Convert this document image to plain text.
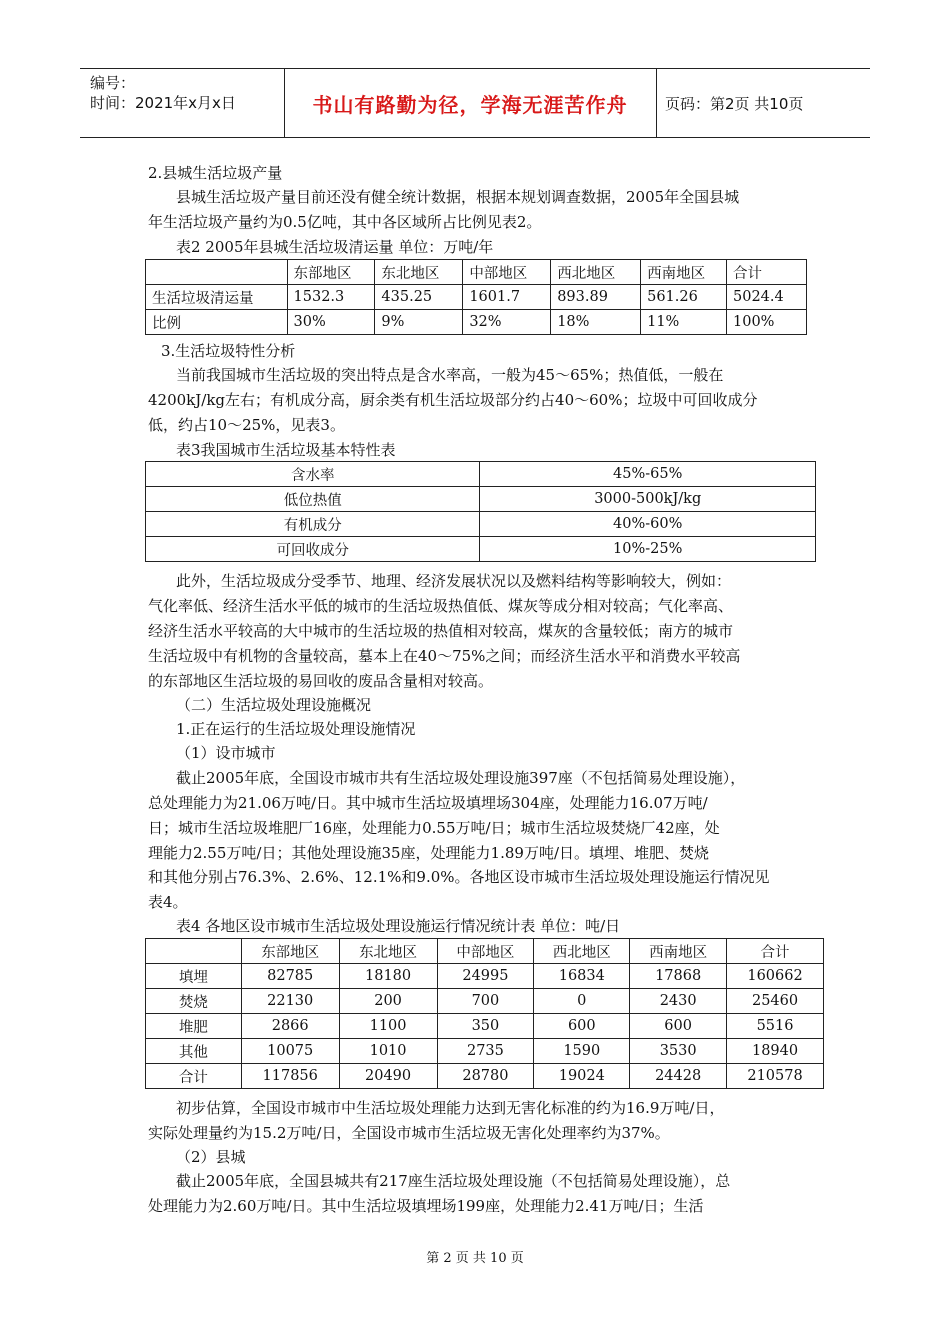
编号：
时间：2021年x月x日	书山有路勤为径，学海无涯苦作舟	页码：第2页 共10页
2.县城生活垃圾产量
县城生活垃圾产量目前还没有健全统计数据，根据本规划调查数据，2005年全国县城
年生活垃圾产量约为0.5亿吨，其中各区域所占比例见表2。
表2 2005年县城生活垃圾清运量 单位：万吨/年
	东部地区	东北地区	中部地区	西北地区	西南地区	合计
生活垃圾清运量	1532.3	435.25	1601.7	893.89	561.26	5024.4
比例	30%	9%	32%	18%	11%	100%
3.生活垃圾特性分析
当前我国城市生活垃圾的突出特点是含水率高，一般为45～65%；热值低，一般在
4200kJ/kg左右；有机成分高，厨余类有机生活垃圾部分约占40～60%；垃圾中可回收成分
低，约占10～25%，见表3。
表3我国城市生活垃圾基本特性表
含水率	45%-65%
低位热值	3000-500kJ/kg
有机成分	40%-60%
可回收成分	10%-25%
此外，生活垃圾成分受季节、地理、经济发展状况以及燃料结构等影响较大，例如：
气化率低、经济生活水平低的城市的生活垃圾热值低、煤灰等成分相对较高；气化率高、
经济生活水平较高的大中城市的生活垃圾的热值相对较高，煤灰的含量较低；南方的城市
生活垃圾中有机物的含量较高，墓本上在40～75%之间；而经济生活水平和消费水平较高
的东部地区生活垃圾的易回收的废品含量相对较高。
（二）生活垃圾处理设施概况
1.正在运行的生活垃圾处理设施情况
（1）设市城市
截止2005年底，全国设市城市共有生活垃圾处理设施397座（不包括简易处理设施），
总处理能力为21.06万吨/日。其中城市生活垃圾填埋场304座，处理能力16.07万吨/
日；城市生活垃圾堆肥厂16座，处理能力0.55万吨/日；城市生活垃圾焚烧厂42座，处
理能力2.55万吨/日；其他处理设施35座，处理能力1.89万吨/日。填埋、堆肥、焚烧
和其他分别占76.3%、2.6%、12.1%和9.0%。各地区设市城市生活垃圾处理设施运行情况见
表4。
表4 各地区设市城市生活垃圾处理设施运行情况统计表 单位：吨/日
	东部地区	东北地区	中部地区	西北地区	西南地区	合计
填埋	82785	18180	24995	16834	17868	160662
焚烧	22130	200	700	0	2430	25460
堆肥	2866	1100	350	600	600	5516
其他	10075	1010	2735	1590	3530	18940
合计	117856	20490	28780	19024	24428	210578
初步估算，全国设市城市中生活垃圾处理能力达到无害化标准的约为16.9万吨/日，
实际处理量约为15.2万吨/日，全国设市城市生活垃圾无害化处理率约为37%。
（2）县城
截止2005年底，全国县城共有217座生活垃圾处理设施（不包括简易处理设施），总
处理能力为2.60万吨/日。其中生活垃圾填埋场199座，处理能力2.41万吨/日；生活
第 2 页 共 10 页
